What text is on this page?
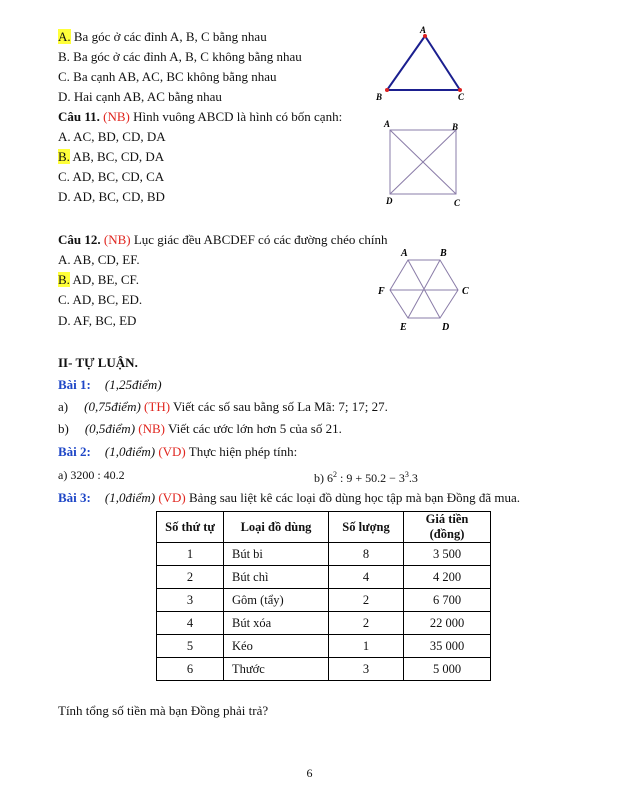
A. Ba góc ở các đỉnh A, B, C bằng nhau
B. Ba góc ở các đỉnh A, B, C không bằng nhau
C. Ba cạnh AB, AC, BC không bằng nhau
D. Hai cạnh AB, AC bằng nhau
A
B	C
Câu 11. (NB) Hình vuông ABCD là hình có bốn cạnh:
A. AC, BD, CD, DA
B. AB, BC, CD, DA
C. AD, BC, CD, CA
D. AD, BC, CD, BD
A	B
C
D
Câu 12. (NB) Lục giác đều ABCDEF có các đường chéo chính
A. AB, CD, EF.
B. AD, BE, CF.
C. AD, BC, ED.
D. AF, BC, ED
A	B
C
D
E
F
II- TỰ LUẬN.
Bài 1: (1,25điểm)
a) (0,75điểm) (TH) Viết các số sau bằng số La Mã: 7; 17; 27.
b) (0,5điểm) (NB) Viết các ước lớn hơn 5 của số 21.
Bài 2: (1,0điểm) (VD) Thực hiện phép tính:
a) 3200 : 40.2	b) $6^2$ : $9 + 50.2 - 3^3.3$
Bài 3: (1,0điểm) (VD) Bảng sau liệt kê các loại đồ dùng học tập mà bạn Đồng đã mua.
Số thứ tự	Loại đồ dùng	Số lượng	Giá tiền (đồng)
1	Bút bi	8	3 500
2	Bút chì	4	4 200
3	Gôm (tẩy)	2	6 700
4	Bút xóa	2	22 000
5	Kéo	1	35 000
6	Thước	3	5 000
Tính tổng số tiền mà bạn Đồng phải trả?
6
